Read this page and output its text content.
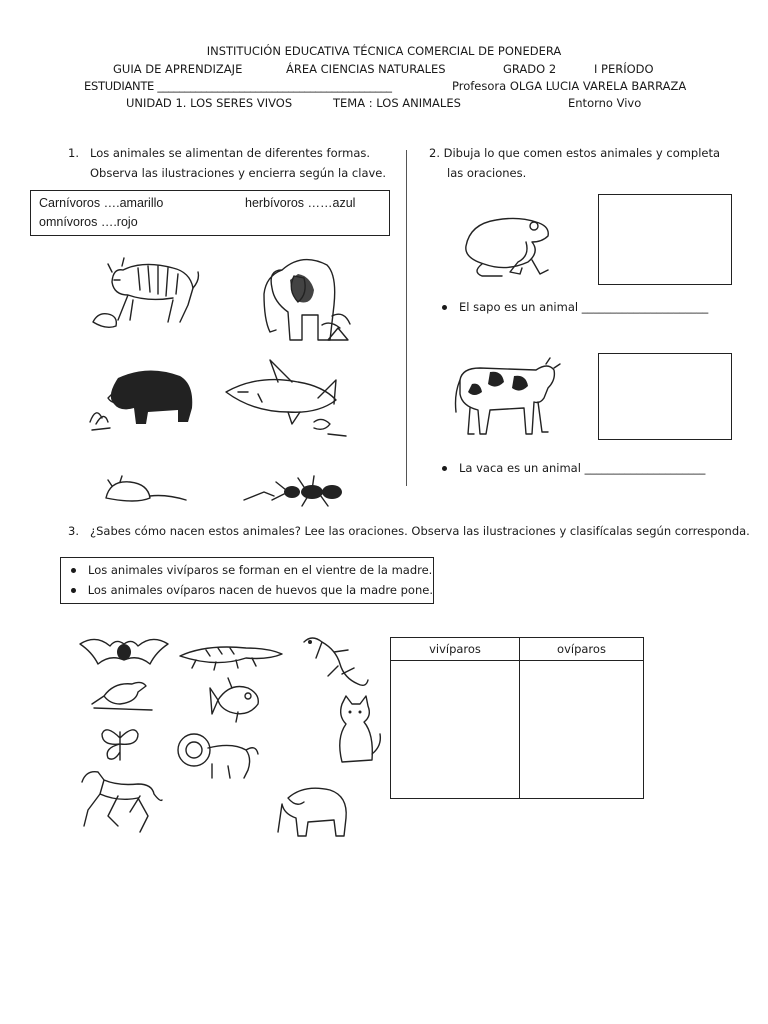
INSTITUCIÓN EDUCATIVA TÉCNICA COMERCIAL DE PONEDERA
GUIA DE APRENDIZAJE	ÁREA CIENCIAS NATURALES	GRADO 2	I PERÍODO
ESTUDIANTE ___________________________________________	Profesora OLGA LUCIA VARELA BARRAZA
UNIDAD 1. LOS SERES VIVOS	TEMA : LOS ANIMALES	Entorno Vivo
1. Los animales se alimentan de diferentes formas.
Observa las ilustraciones y encierra según la clave.
Carnívoros ….amarillo	herbívoros ……azul
omnívoros ….rojo
2. Dibuja lo que comen estos animales y completa
las oraciones.
El sapo es un animal ______________________
La vaca es un animal _____________________
3. ¿Sabes cómo nacen estos animales? Lee las oraciones. Observa las ilustraciones y clasifícalas según corresponda.
Los animales vivíparos se forman en el vientre de la madre.
Los animales ovíparos nacen de huevos que la madre pone.
vivíparos	ovíparos
